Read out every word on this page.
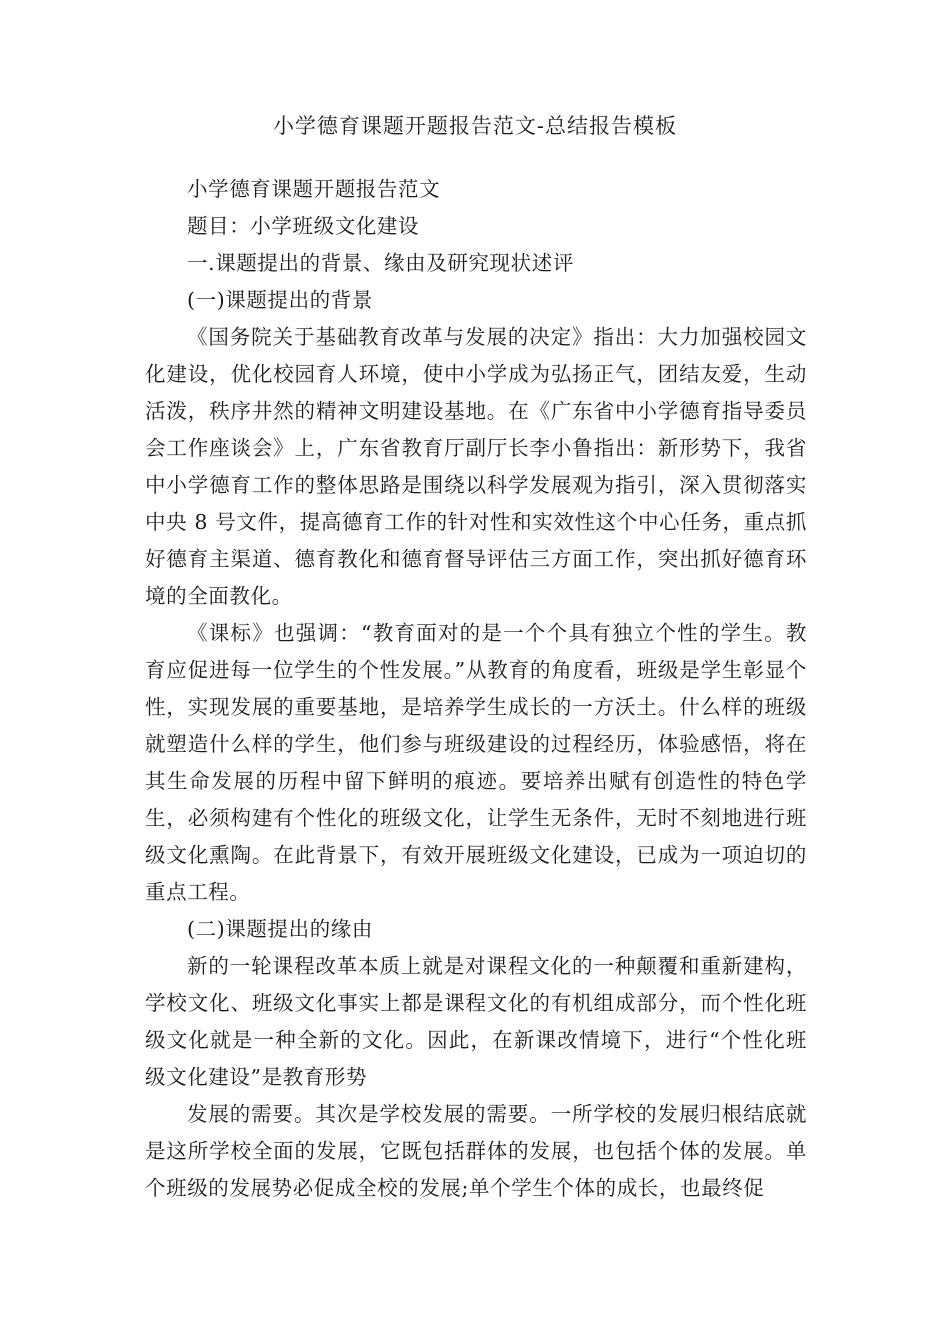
小学德育课题开题报告范文-总结报告模板

小学德育课题开题报告范文

题目：小学班级文化建设

一.课题提出的背景、缘由及研究现状述评

(一)课题提出的背景

《国务院关于基础教育改革与发展的决定》指出：大力加强校园文化建设，优化校园育人环境，使中小学成为弘扬正气，团结友爱，生动活泼，秩序井然的精神文明建设基地。在《广东省中小学德育指导委员会工作座谈会》上，广东省教育厅副厅长李小鲁指出：新形势下，我省中小学德育工作的整体思路是围绕以科学发展观为指引，深入贯彻落实中央 8 号文件，提高德育工作的针对性和实效性这个中心任务，重点抓好德育主渠道、德育教化和德育督导评估三方面工作，突出抓好德育环境的全面教化。

《课标》也强调：“教育面对的是一个个具有独立个性的学生。教育应促进每一位学生的个性发展。”从教育的角度看，班级是学生彰显个性，实现发展的重要基地，是培养学生成长的一方沃土。什么样的班级就塑造什么样的学生，他们参与班级建设的过程经历，体验感悟，将在其生命发展的历程中留下鲜明的痕迹。要培养出赋有创造性的特色学生，必须构建有个性化的班级文化，让学生无条件，无时不刻地进行班级文化熏陶。在此背景下，有效开展班级文化建设，已成为一项迫切的重点工程。

(二)课题提出的缘由

新的一轮课程改革本质上就是对课程文化的一种颠覆和重新建构，学校文化、班级文化事实上都是课程文化的有机组成部分，而个性化班级文化就是一种全新的文化。因此，在新课改情境下，进行“个性化班级文化建设”是教育形势

发展的需要。其次是学校发展的需要。一所学校的发展归根结底就是这所学校全面的发展，它既包括群体的发展，也包括个体的发展。单个班级的发展势必促成全校的发展;单个学生个体的成长，也最终促
